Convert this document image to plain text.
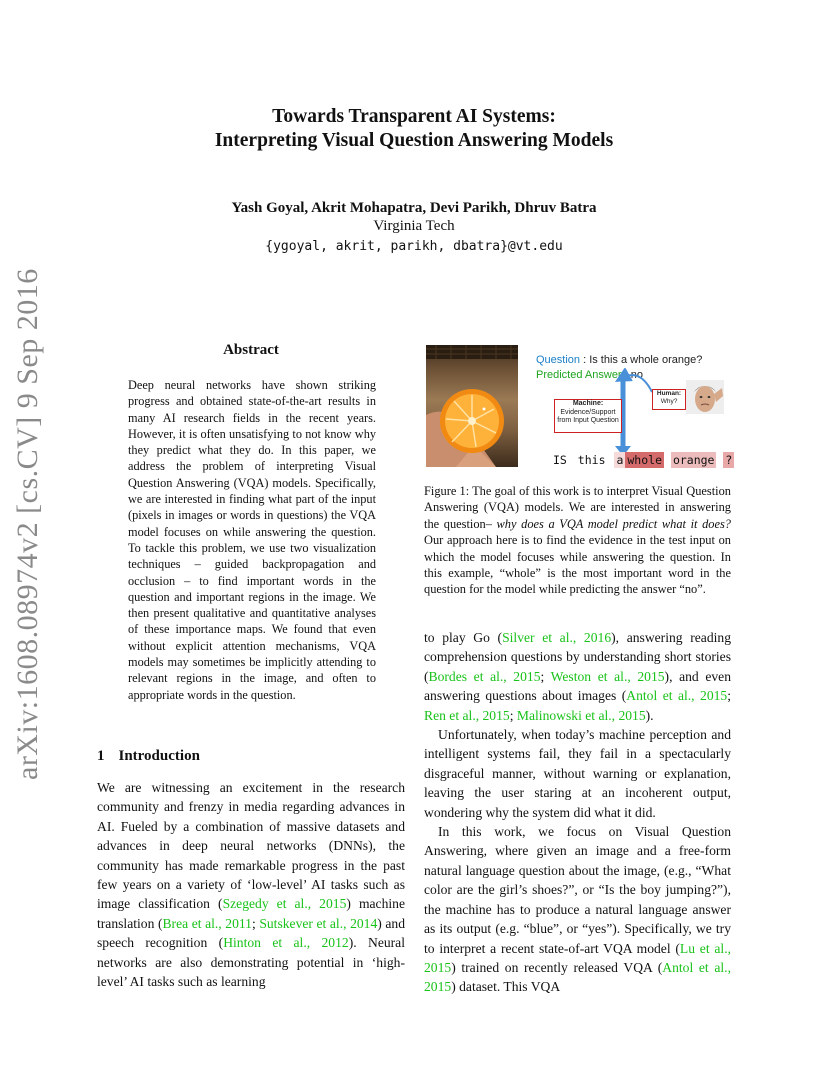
arXiv:1608.08974v2 [cs.CV] 9 Sep 2016
Towards Transparent AI Systems:
Interpreting Visual Question Answering Models
Yash Goyal, Akrit Mohapatra, Devi Parikh, Dhruv Batra
Virginia Tech
{ygoyal, akrit, parikh, dbatra}@vt.edu
Abstract
Deep neural networks have shown striking progress and obtained state-of-the-art results in many AI research fields in the recent years. However, it is often unsatisfying to not know why they predict what they do. In this paper, we address the problem of interpreting Visual Question Answering (VQA) models. Specifically, we are interested in finding what part of the input (pixels in images or words in questions) the VQA model focuses on while answering the question. To tackle this problem, we use two visualization techniques – guided backpropagation and occlusion – to find important words in the question and important regions in the image. We then present qualitative and quantitative analyses of these importance maps. We found that even without explicit attention mechanisms, VQA models may sometimes be implicitly attending to relevant regions in the image, and often to appropriate words in the question.
1 Introduction
We are witnessing an excitement in the research community and frenzy in media regarding advances in AI. Fueled by a combination of massive datasets and advances in deep neural networks (DNNs), the community has made remarkable progress in the past few years on a variety of ‘low-level’ AI tasks such as image classification (Szegedy et al., 2015) machine translation (Brea et al., 2011; Sutskever et al., 2014) and speech recognition (Hinton et al., 2012). Neural networks are also demonstrating potential in ‘high-level’ AI tasks such as learning
Question : Is this a whole orange?
Predicted Answer : no
Machine:
Evidence/Support
from Input Question
Human:
Why?
IS this a whole orange ?
Figure 1: The goal of this work is to interpret Visual Question Answering (VQA) models. We are interested in answering the question– why does a VQA model predict what it does? Our approach here is to find the evidence in the test input on which the model focuses while answering the question. In this example, “whole” is the most important word in the question for the model while predicting the answer “no”.
to play Go (Silver et al., 2016), answering reading comprehension questions by understanding short stories (Bordes et al., 2015; Weston et al., 2015), and even answering questions about images (Antol et al., 2015; Ren et al., 2015; Malinowski et al., 2015).
Unfortunately, when today’s machine perception and intelligent systems fail, they fail in a spectacularly disgraceful manner, without warning or explanation, leaving the user staring at an incoherent output, wondering why the system did what it did.
In this work, we focus on Visual Question Answering, where given an image and a free-form natural language question about the image, (e.g., “What color are the girl’s shoes?”, or “Is the boy jumping?”), the machine has to produce a natural language answer as its output (e.g. “blue”, or “yes”). Specifically, we try to interpret a recent state-of-art VQA model (Lu et al., 2015) trained on recently released VQA (Antol et al., 2015) dataset. This VQA
